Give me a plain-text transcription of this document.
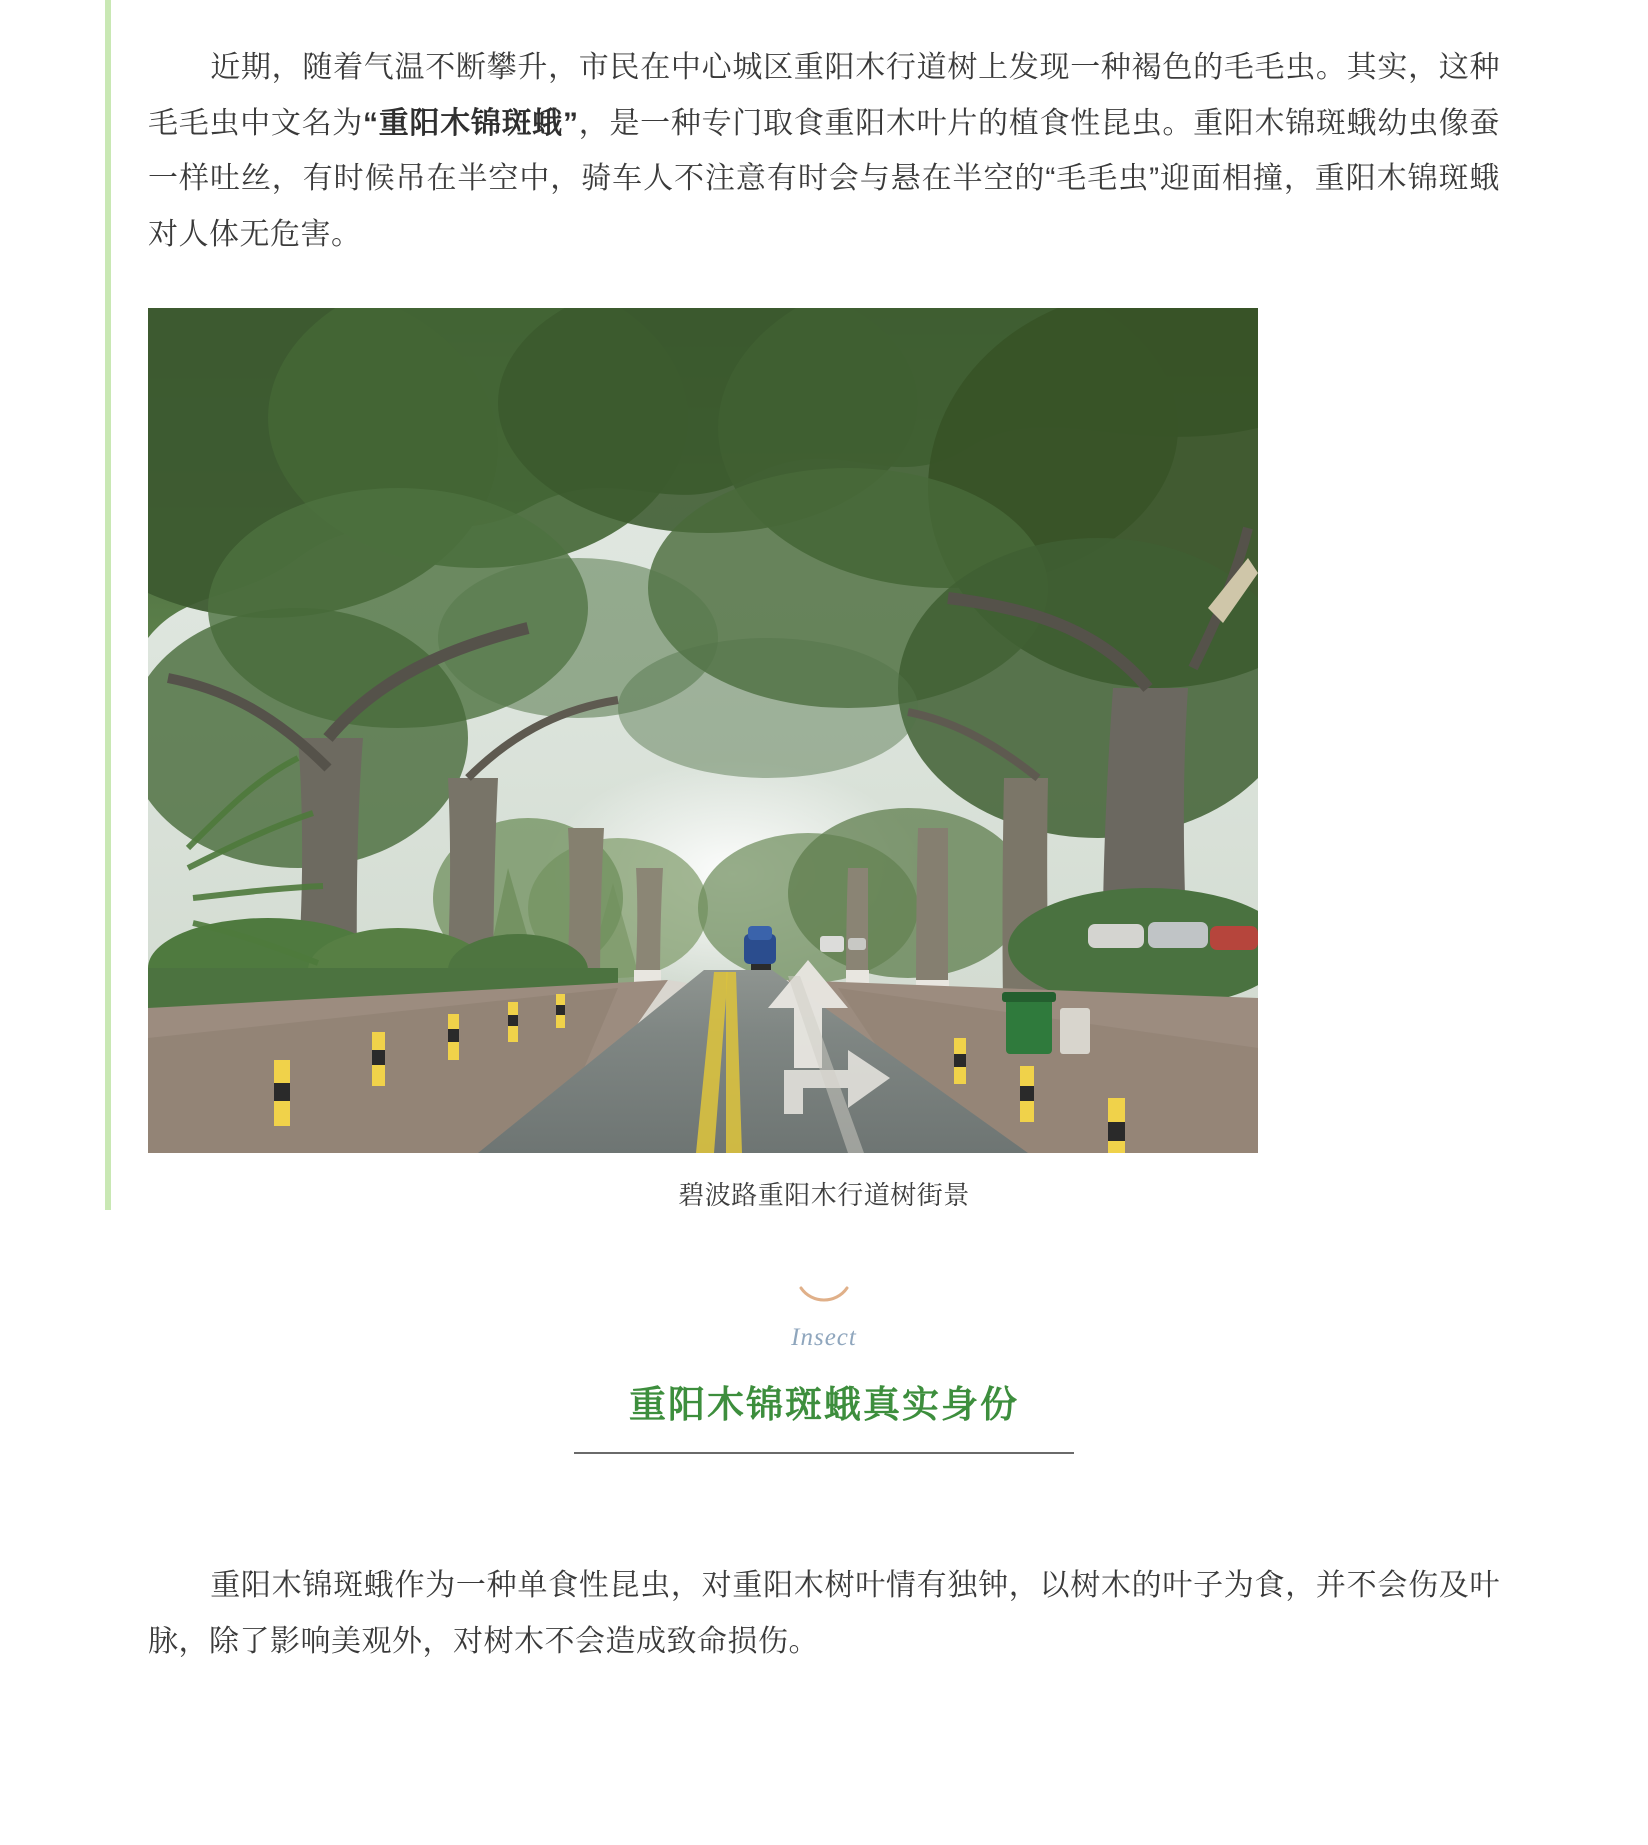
近期，随着气温不断攀升，市民在中心城区重阳木行道树上发现一种褐色的毛毛虫。其实，这种毛毛虫中文名为“重阳木锦斑蛾”，是一种专门取食重阳木叶片的植食性昆虫。重阳木锦斑蛾幼虫像蚕一样吐丝，有时候吊在半空中，骑车人不注意有时会与悬在半空的“毛毛虫”迎面相撞，重阳木锦斑蛾对人体无危害。

碧波路重阳木行道树街景
Insect
重阳木锦斑蛾真实身份

重阳木锦斑蛾作为一种单食性昆虫，对重阳木树叶情有独钟，以树木的叶子为食，并不会伤及叶脉，除了影响美观外，对树木不会造成致命损伤。
